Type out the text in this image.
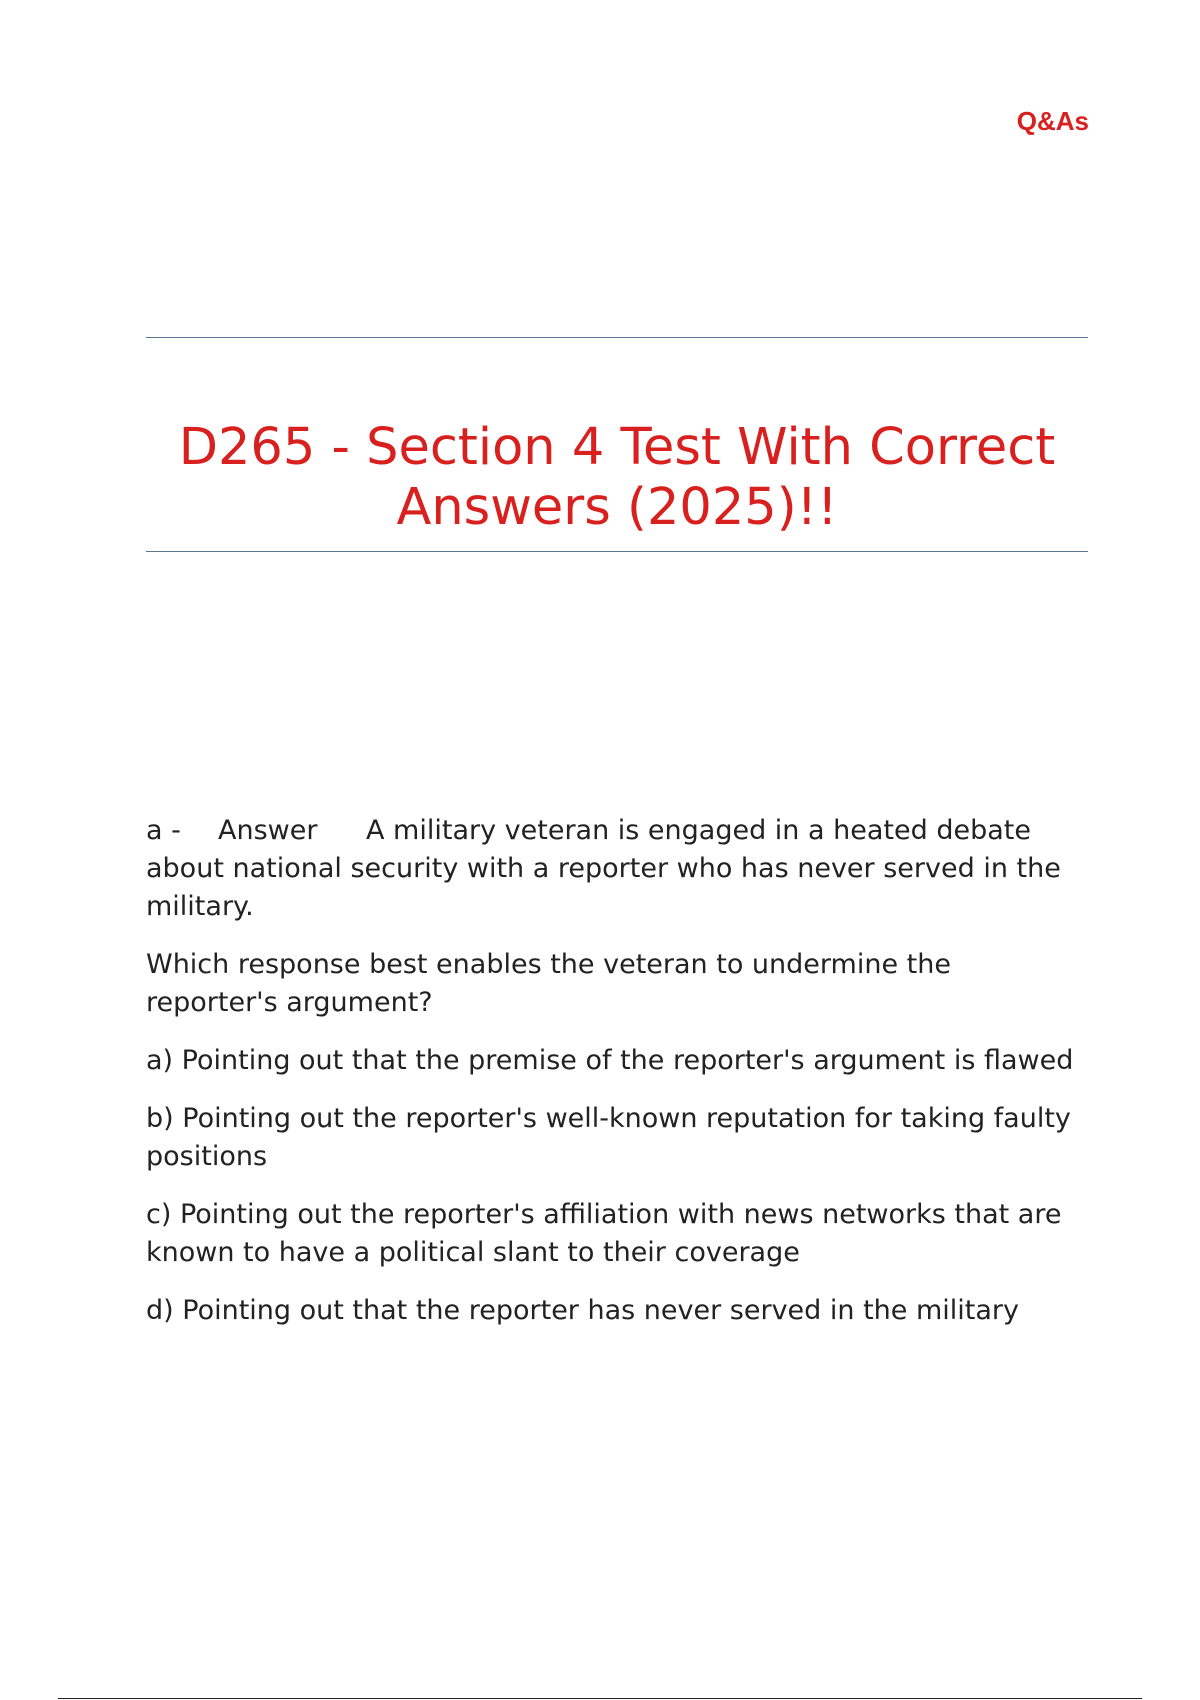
Q&As
D265 - Section 4 Test With Correct Answers (2025)!!

a - Answer A military veteran is engaged in a heated debate about national security with a reporter who has never served in the military.

Which response best enables the veteran to undermine the reporter's argument?

a) Pointing out that the premise of the reporter's argument is flawed

b) Pointing out the reporter's well-known reputation for taking faulty positions

c) Pointing out the reporter's affiliation with news networks that are known to have a political slant to their coverage

d) Pointing out that the reporter has never served in the military
